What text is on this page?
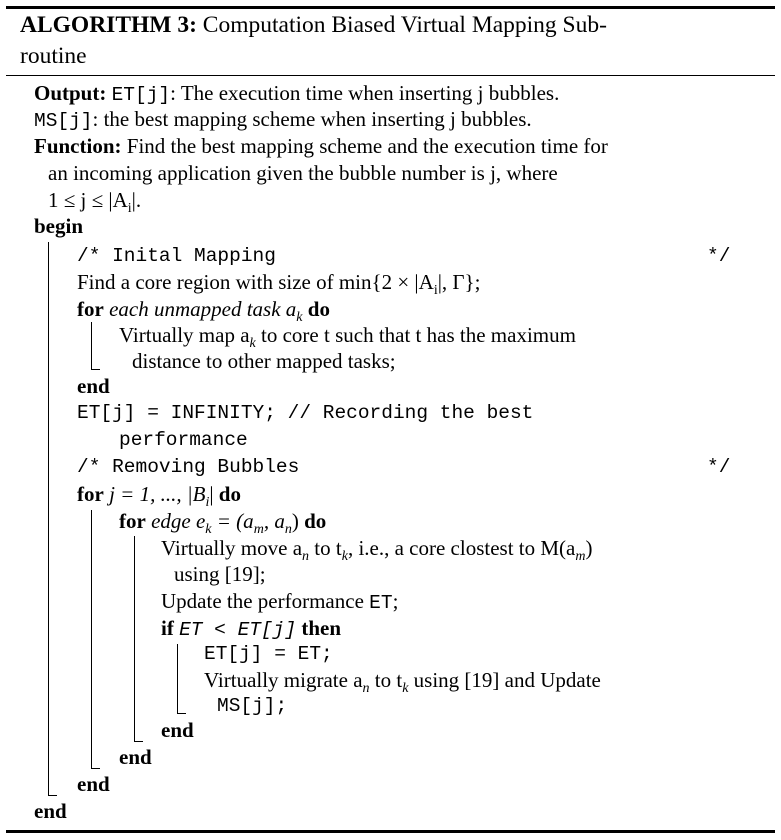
ALGORITHM 3: Computation Biased Virtual Mapping Sub-
routine
Output: ET[j]: The execution time when inserting j bubbles.
MS[j]: the best mapping scheme when inserting j bubbles.
Function: Find the best mapping scheme and the execution time for
an incoming application given the bubble number is j, where
$1 \le j \le |A_i|$.
begin
/* Inital Mapping	*/
Find a core region with size of $\min\{2 \times |A_i|$, Γ};
for each unmapped task $a_k$ do
Virtually map $a_k$ to core t such that t has the maximum
distance to other mapped tasks;
end
ET[j] = INFINITY; // Recording the best
performance
/* Removing Bubbles	*/
for j = 1, ..., $|B_i|$ do
for edge $e_k = (a_m$, $a_n$) do
Virtually move $a_n$ to $t_k$, i.e., a core clostest to $M(a_m)$
using [19];
Update the performance ET;
if ET < ET[j] then
ET[j] = ET;
Virtually migrate $a_n$ to $t_k$ using [19] and Update
MS[j];
end
end
end
end
